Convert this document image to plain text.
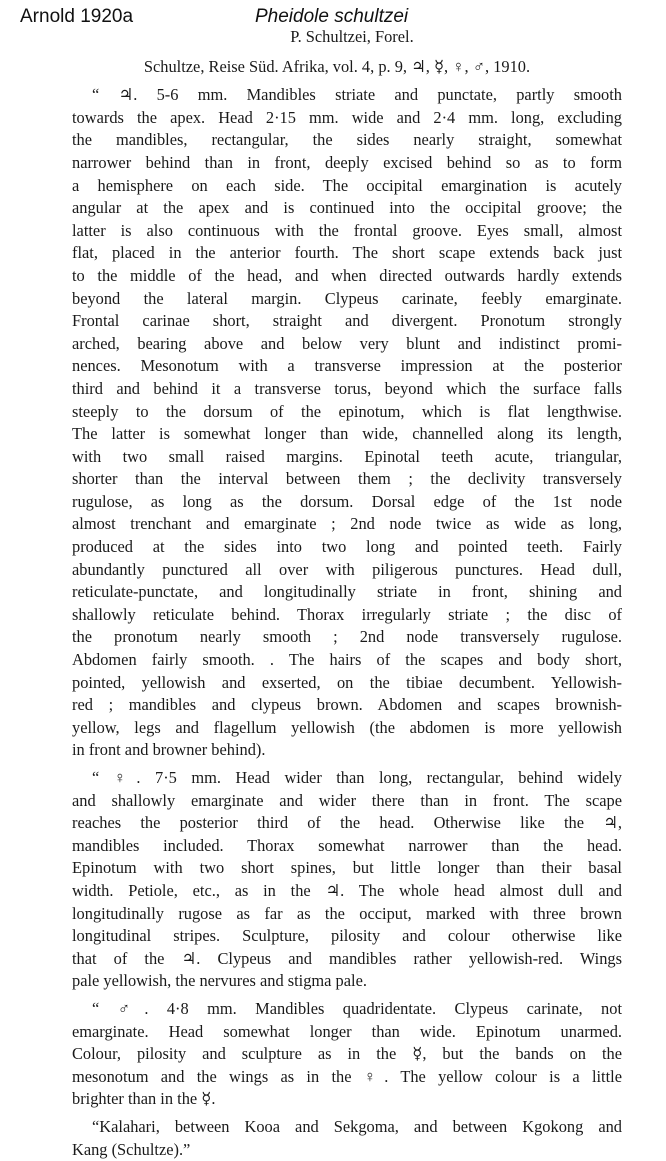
Arnold 1920a	Pheidole schultzei

P. Schultzei, Forel.

Schultze, Reise Süd. Afrika, vol. 4, p. 9, ♃, ☿, ♀, ♂, 1910.

“ ♃. 5-6 mm. Mandibles striate and punctate, partly smooth
towards the apex. Head 2·15 mm. wide and 2·4 mm. long, excluding
the mandibles, rectangular, the sides nearly straight, somewhat
narrower behind than in front, deeply excised behind so as to form
a hemisphere on each side. The occipital emargination is acutely
angular at the apex and is continued into the occipital groove; the
latter is also continuous with the frontal groove. Eyes small, almost
flat, placed in the anterior fourth. The short scape extends back just
to the middle of the head, and when directed outwards hardly extends
beyond the lateral margin. Clypeus carinate, feebly emarginate.
Frontal carinae short, straight and divergent. Pronotum strongly
arched, bearing above and below very blunt and indistinct promi-
nences. Mesonotum with a transverse impression at the posterior
third and behind it a transverse torus, beyond which the surface falls
steeply to the dorsum of the epinotum, which is flat lengthwise.
The latter is somewhat longer than wide, channelled along its length,
with two small raised margins. Epinotal teeth acute, triangular,
shorter than the interval between them ; the declivity transversely
rugulose, as long as the dorsum. Dorsal edge of the 1st node
almost trenchant and emarginate ; 2nd node twice as wide as long,
produced at the sides into two long and pointed teeth. Fairly
abundantly punctured all over with piligerous punctures. Head dull,
reticulate-punctate, and longitudinally striate in front, shining and
shallowly reticulate behind. Thorax irregularly striate ; the disc of
the pronotum nearly smooth ; 2nd node transversely rugulose.
Abdomen fairly smooth. . The hairs of the scapes and body short,
pointed, yellowish and exserted, on the tibiae decumbent. Yellowish-
red ; mandibles and clypeus brown. Abdomen and scapes brownish-
yellow, legs and flagellum yellowish (the abdomen is more yellowish
in front and browner behind).
“ ♀. 7·5 mm. Head wider than long, rectangular, behind widely
and shallowly emarginate and wider there than in front. The scape
reaches the posterior third of the head. Otherwise like the ♃,
mandibles included. Thorax somewhat narrower than the head.
Epinotum with two short spines, but little longer than their basal
width. Petiole, etc., as in the ♃. The whole head almost dull and
longitudinally rugose as far as the occiput, marked with three brown
longitudinal stripes. Sculpture, pilosity and colour otherwise like
that of the ♃. Clypeus and mandibles rather yellowish-red. Wings
pale yellowish, the nervures and stigma pale.
“ ♂. 4·8 mm. Mandibles quadridentate. Clypeus carinate, not
emarginate. Head somewhat longer than wide. Epinotum unarmed.
Colour, pilosity and sculpture as in the ☿, but the bands on the
mesonotum and the wings as in the ♀. The yellow colour is a little
brighter than in the ☿.
“Kalahari, between Kooa and Sekgoma, and between Kgokong and
Kang (Schultze).”
